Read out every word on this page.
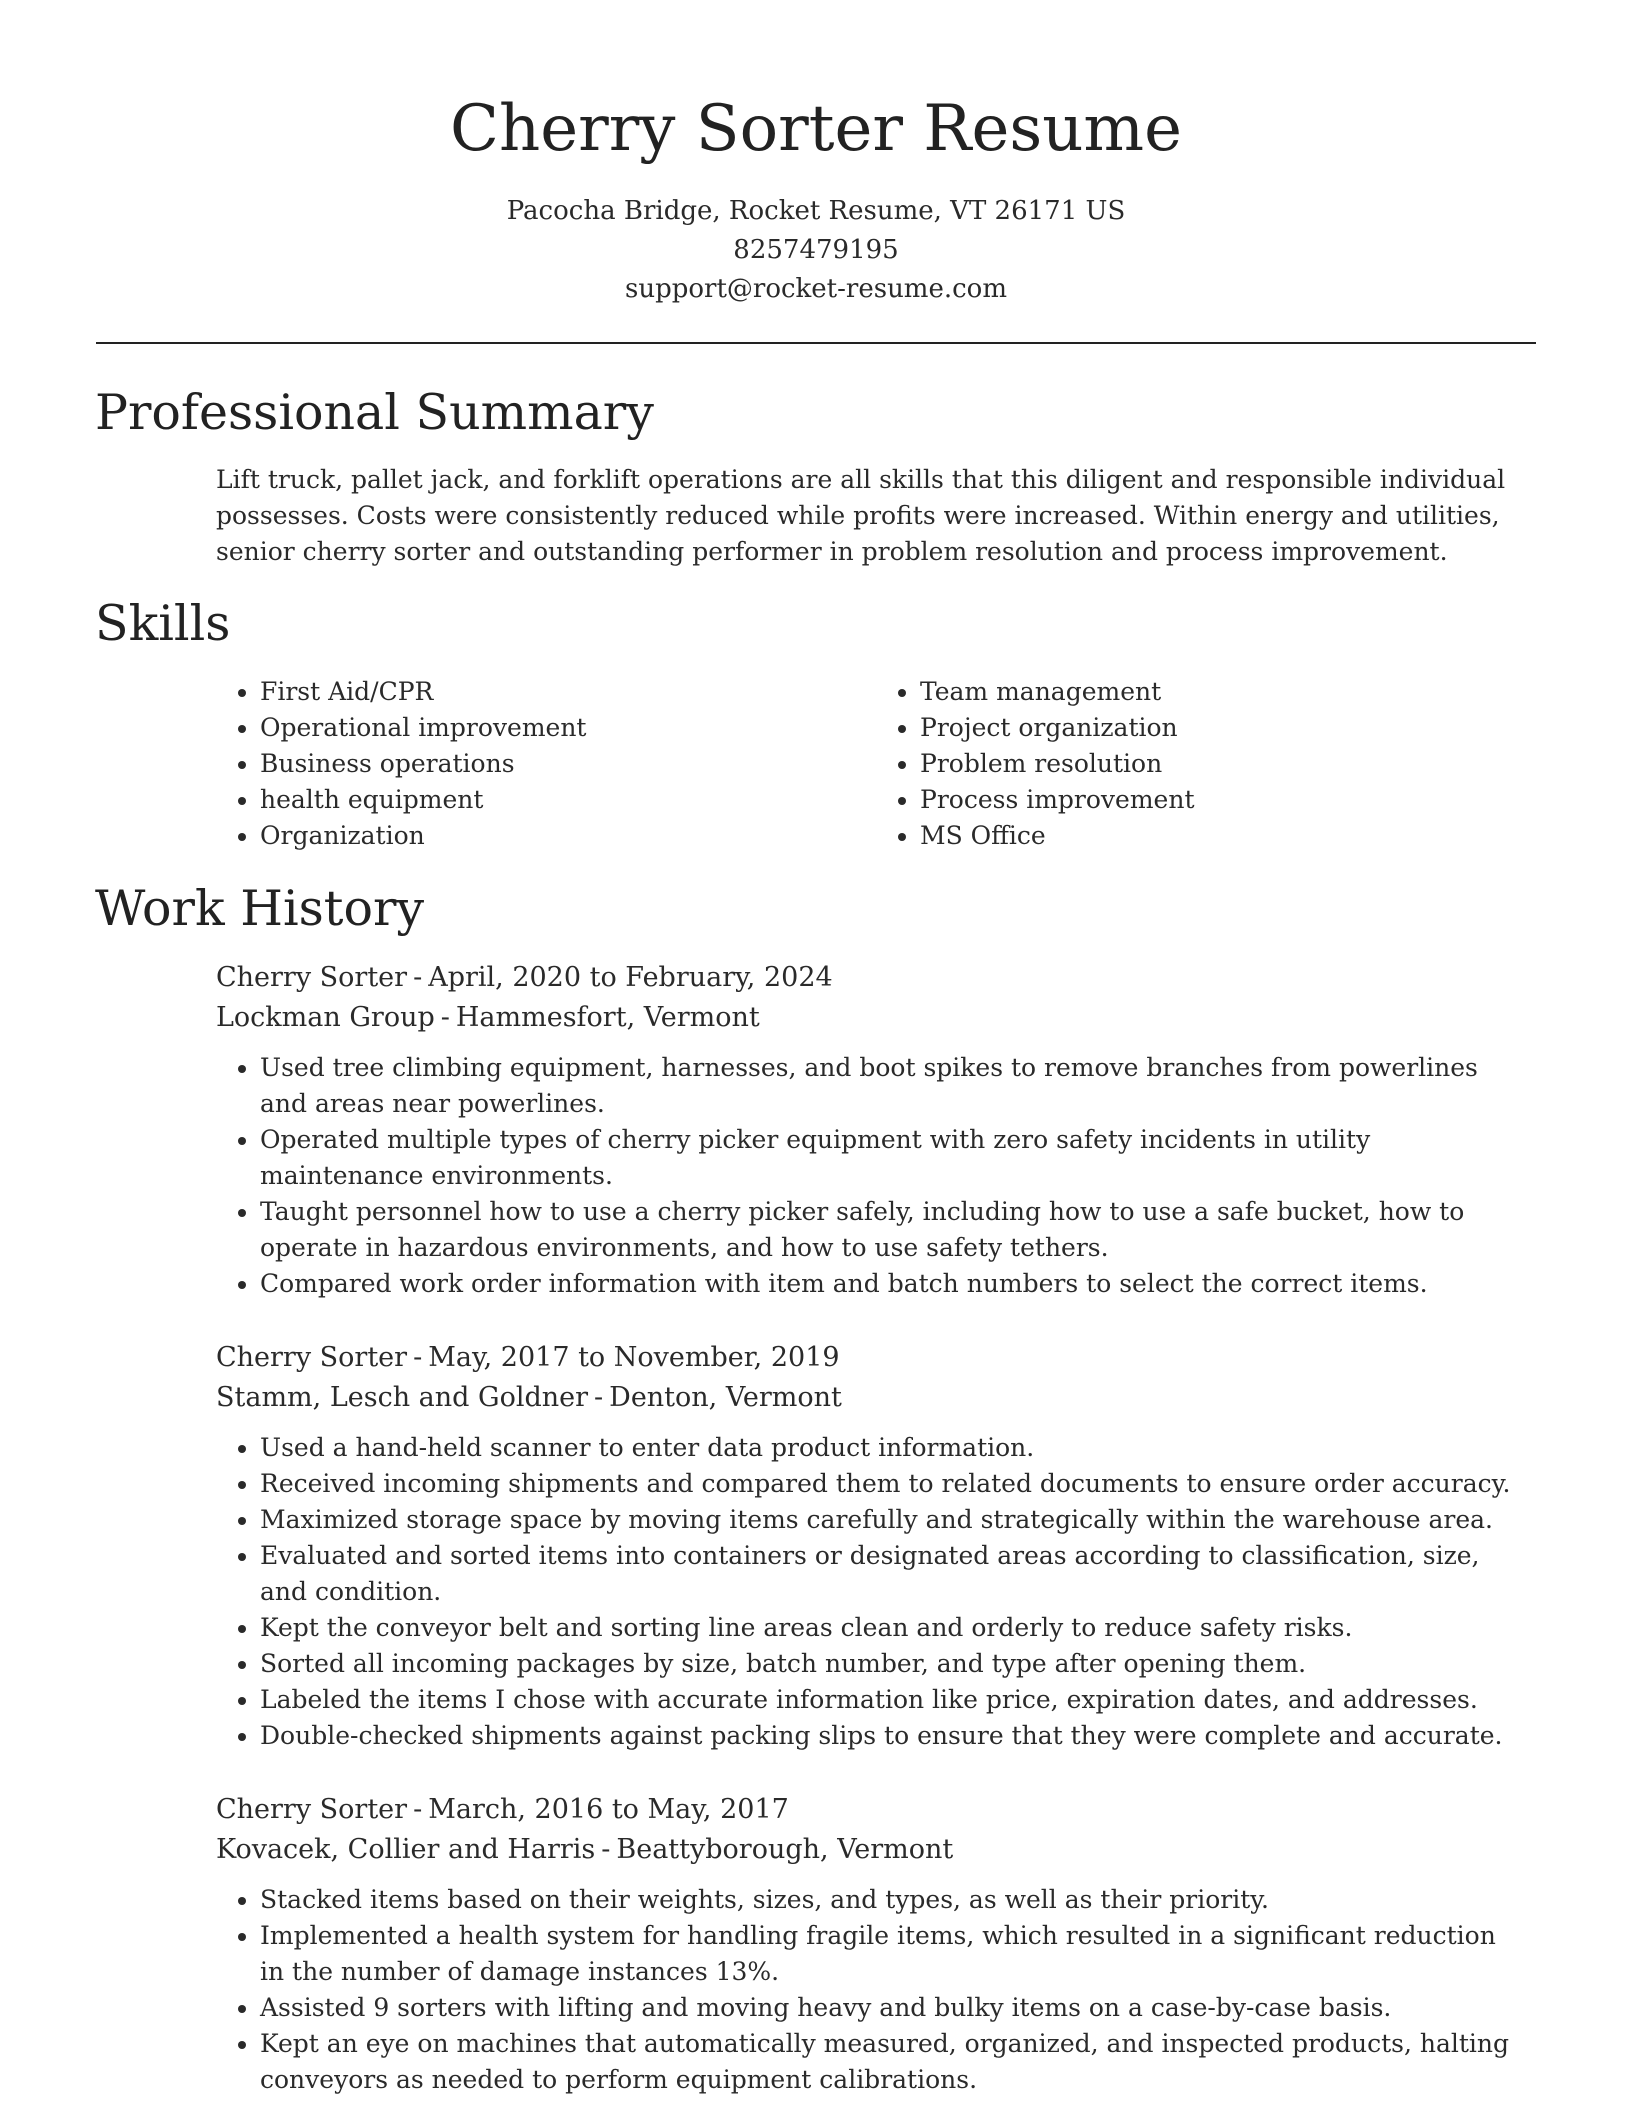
Cherry Sorter Resume
Pacocha Bridge, Rocket Resume, VT 26171 US
8257479195
support@rocket-resume.com
Professional Summary

Lift truck, pallet jack, and forklift operations are all skills that this diligent and responsible individual possesses. Costs were consistently reduced while profits were increased. Within energy and utilities, senior cherry sorter and outstanding performer in problem resolution and process improvement.

Skills
• First Aid/CPR
• Operational improvement
• Business operations
• health equipment
• Organization
• Team management
• Project organization
• Problem resolution
• Process improvement
• MS Office
Work History

Cherry Sorter - April, 2020 to February, 2024

Lockman Group - Hammesfort, Vermont

• Used tree climbing equipment, harnesses, and boot spikes to remove branches from powerlines and areas near powerlines.
• Operated multiple types of cherry picker equipment with zero safety incidents in utility maintenance environments.
• Taught personnel how to use a cherry picker safely, including how to use a safe bucket, how to operate in hazardous environments, and how to use safety tethers.
• Compared work order information with item and batch numbers to select the correct items.

Cherry Sorter - May, 2017 to November, 2019

Stamm, Lesch and Goldner - Denton, Vermont

• Used a hand-held scanner to enter data product information.
• Received incoming shipments and compared them to related documents to ensure order accuracy.
• Maximized storage space by moving items carefully and strategically within the warehouse area.
• Evaluated and sorted items into containers or designated areas according to classification, size, and condition.
• Kept the conveyor belt and sorting line areas clean and orderly to reduce safety risks.
• Sorted all incoming packages by size, batch number, and type after opening them.
• Labeled the items I chose with accurate information like price, expiration dates, and addresses.
• Double-checked shipments against packing slips to ensure that they were complete and accurate.

Cherry Sorter - March, 2016 to May, 2017

Kovacek, Collier and Harris - Beattyborough, Vermont

• Stacked items based on their weights, sizes, and types, as well as their priority.
• Implemented a health system for handling fragile items, which resulted in a significant reduction in the number of damage instances 13%.
• Assisted 9 sorters with lifting and moving heavy and bulky items on a case-by-case basis.
• Kept an eye on machines that automatically measured, organized, and inspected products, halting conveyors as needed to perform equipment calibrations.
